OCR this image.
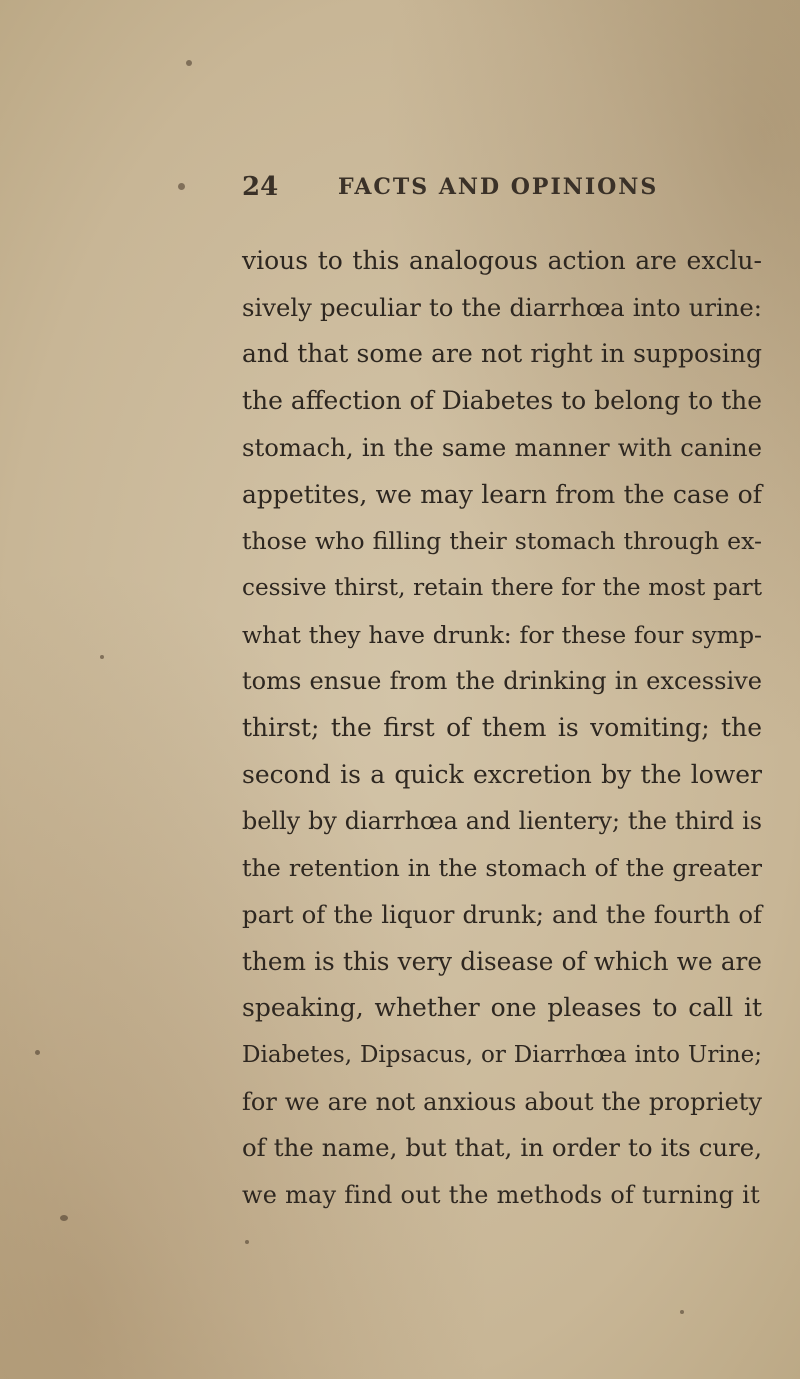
24	FACTS AND OPINIONS
vious to this analogous action are exclu-
sively peculiar to the diarrhœa into urine:
and that some are not right in supposing
the affection of Diabetes to belong to the
stomach, in the same manner with canine
appetites, we may learn from the case of
those who filling their stomach through ex-
cessive thirst, retain there for the most part
what they have drunk: for these four symp-
toms ensue from the drinking in excessive
thirst; the first of them is vomiting; the
second is a quick excretion by the lower
belly by diarrhœa and lientery; the third is
the retention in the stomach of the greater
part of the liquor drunk; and the fourth of
them is this very disease of which we are
speaking, whether one pleases to call it
Diabetes, Dipsacus, or Diarrhœa into Urine;
for we are not anxious about the propriety
of the name, but that, in order to its cure,
we may find out the methods of turning it
